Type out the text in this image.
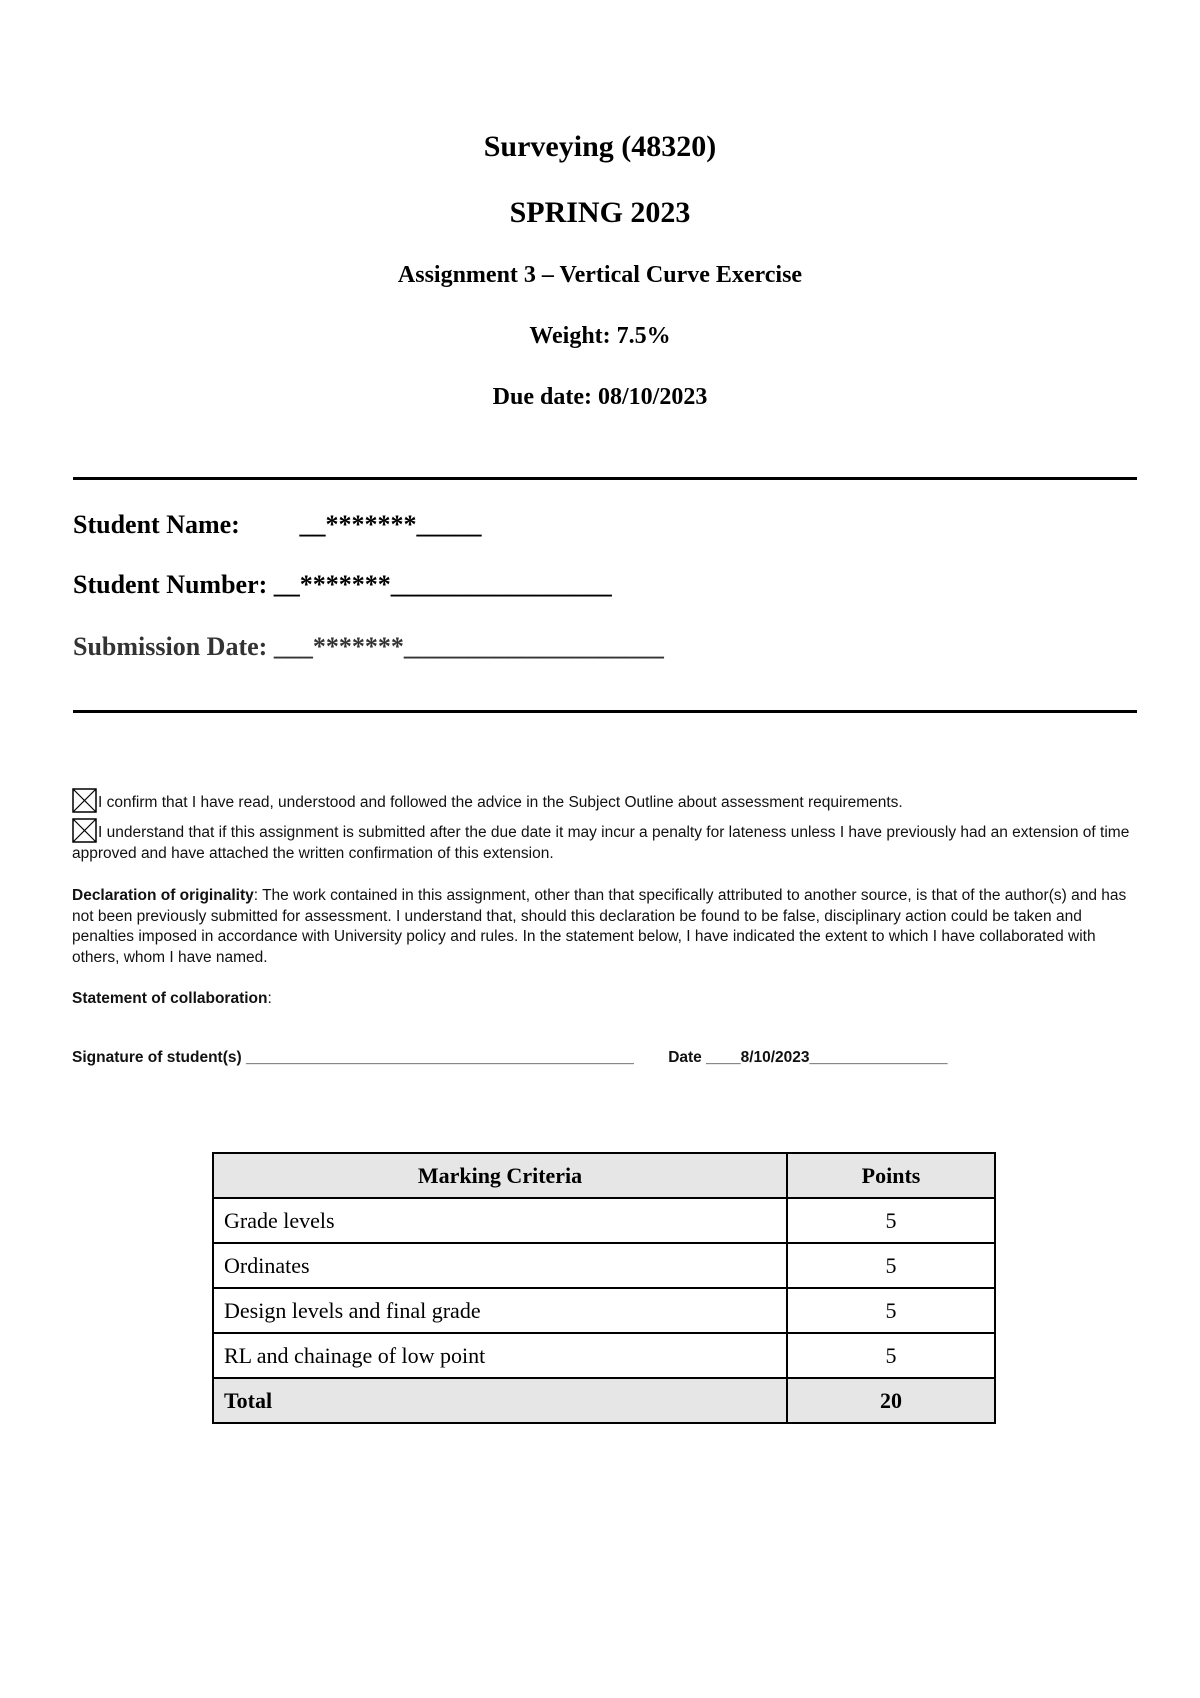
Surveying (48320)
SPRING 2023
Assignment 3 – Vertical Curve Exercise
Weight: 7.5%
Due date: 08/10/2023
Student Name: __*******_____
Student Number: __*******_________________
Submission Date: ___*******____________________
I confirm that I have read, understood and followed the advice in the Subject Outline about assessment requirements.
I understand that if this assignment is submitted after the due date it may incur a penalty for lateness unless I have previously had an extension of time approved and have attached the written confirmation of this extension.
Declaration of originality: The work contained in this assignment, other than that specifically attributed to another source, is that of the author(s) and has not been previously submitted for assessment. I understand that, should this declaration be found to be false, disciplinary action could be taken and penalties imposed in accordance with University policy and rules. In the statement below, I have indicated the extent to which I have collaborated with others, whom I have named.
Statement of collaboration:
Signature of student(s) _____________________________________________ Date ____8/10/2023________________
Marking Criteria	Points
Grade levels	5
Ordinates	5
Design levels and final grade	5
RL and chainage of low point	5
Total	20
